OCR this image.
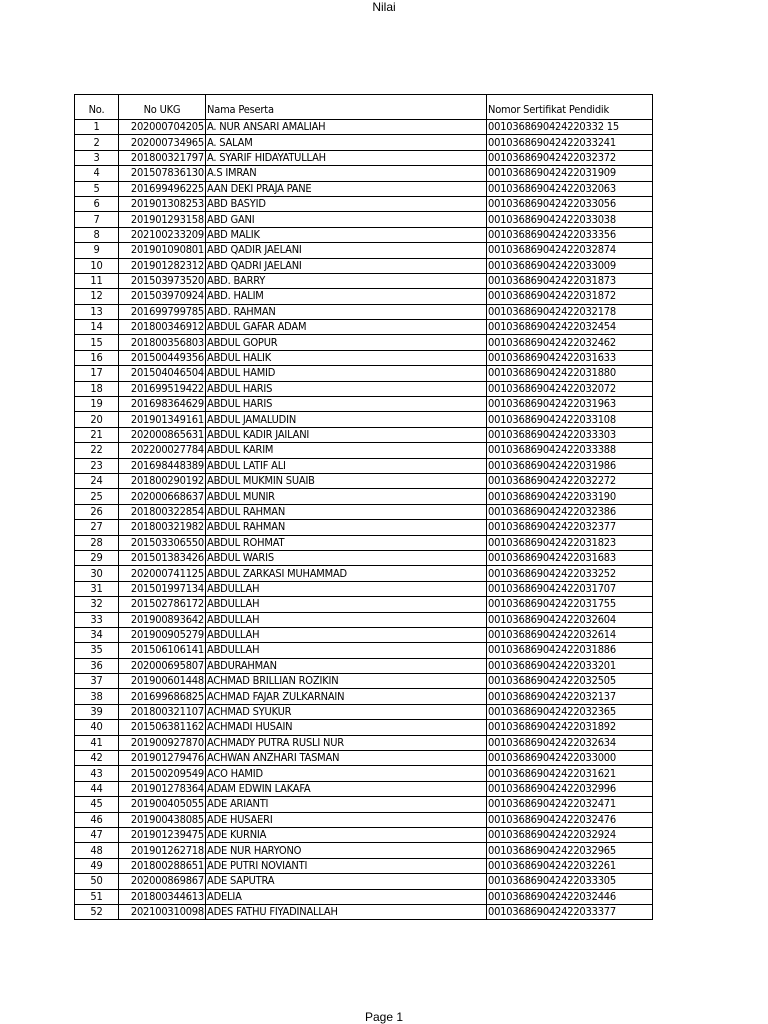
Nilai
No.	No UKG	Nama Peserta	Nomor Sertifikat Pendidik
1	202000704205	A. NUR ANSARI AMALIAH	0010368690424220332 15
2	202000734965	A. SALAM	001036869042422033241
3	201800321797	A. SYARIF HIDAYATULLAH	001036869042422032372
4	201507836130	A.S IMRAN	001036869042422031909
5	201699496225	AAN DEKI PRAJA PANE	001036869042422032063
6	201901308253	ABD BASYID	001036869042422033056
7	201901293158	ABD GANI	001036869042422033038
8	202100233209	ABD MALIK	001036869042422033356
9	201901090801	ABD QADIR JAELANI	001036869042422032874
10	201901282312	ABD QADRI JAELANI	001036869042422033009
11	201503973520	ABD. BARRY	001036869042422031873
12	201503970924	ABD. HALIM	001036869042422031872
13	201699799785	ABD. RAHMAN	001036869042422032178
14	201800346912	ABDUL GAFAR ADAM	001036869042422032454
15	201800356803	ABDUL GOPUR	001036869042422032462
16	201500449356	ABDUL HALIK	001036869042422031633
17	201504046504	ABDUL HAMID	001036869042422031880
18	201699519422	ABDUL HARIS	001036869042422032072
19	201698364629	ABDUL HARIS	001036869042422031963
20	201901349161	ABDUL JAMALUDIN	001036869042422033108
21	202000865631	ABDUL KADIR JAILANI	001036869042422033303
22	202200027784	ABDUL KARIM	001036869042422033388
23	201698448389	ABDUL LATIF ALI	001036869042422031986
24	201800290192	ABDUL MUKMIN SUAIB	001036869042422032272
25	202000668637	ABDUL MUNIR	001036869042422033190
26	201800322854	ABDUL RAHMAN	001036869042422032386
27	201800321982	ABDUL RAHMAN	001036869042422032377
28	201503306550	ABDUL ROHMAT	001036869042422031823
29	201501383426	ABDUL WARIS	001036869042422031683
30	202000741125	ABDUL ZARKASI MUHAMMAD	001036869042422033252
31	201501997134	ABDULLAH	001036869042422031707
32	201502786172	ABDULLAH	001036869042422031755
33	201900893642	ABDULLAH	001036869042422032604
34	201900905279	ABDULLAH	001036869042422032614
35	201506106141	ABDULLAH	001036869042422031886
36	202000695807	ABDURAHMAN	001036869042422033201
37	201900601448	ACHMAD BRILLIAN ROZIKIN	001036869042422032505
38	201699686825	ACHMAD FAJAR ZULKARNAIN	001036869042422032137
39	201800321107	ACHMAD SYUKUR	001036869042422032365
40	201506381162	ACHMADI HUSAIN	001036869042422031892
41	201900927870	ACHMADY PUTRA RUSLI NUR	001036869042422032634
42	201901279476	ACHWAN ANZHARI TASMAN	001036869042422033000
43	201500209549	ACO HAMID	001036869042422031621
44	201901278364	ADAM EDWIN LAKAFA	001036869042422032996
45	201900405055	ADE ARIANTI	001036869042422032471
46	201900438085	ADE HUSAERI	001036869042422032476
47	201901239475	ADE KURNIA	001036869042422032924
48	201901262718	ADE NUR HARYONO	001036869042422032965
49	201800288651	ADE PUTRI NOVIANTI	001036869042422032261
50	202000869867	ADE SAPUTRA	001036869042422033305
51	201800344613	ADELIA	001036869042422032446
52	202100310098	ADES FATHU FIYADINALLAH	001036869042422033377
Page 1
